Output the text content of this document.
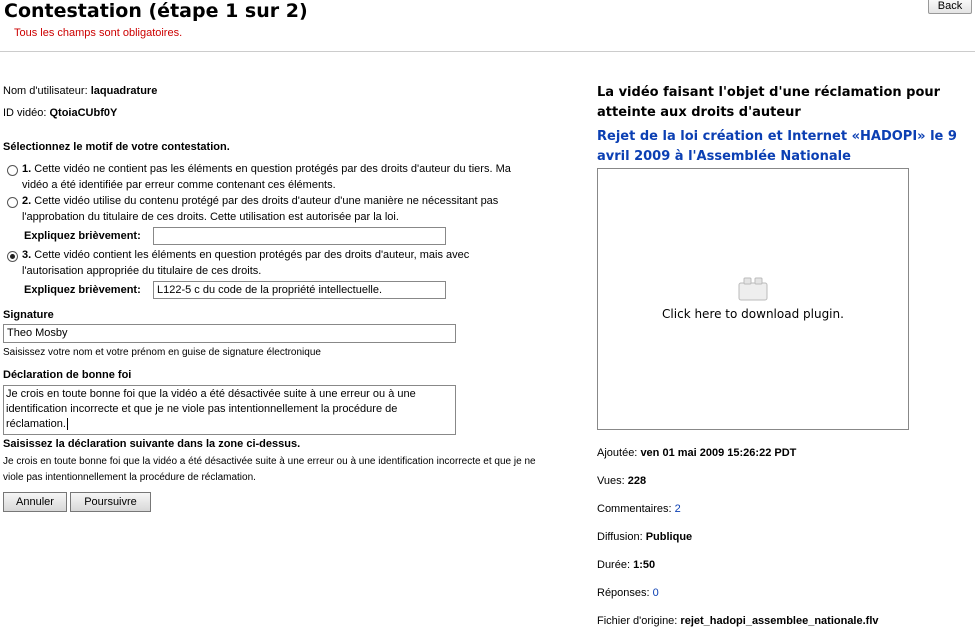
Contestation (étape 1 sur 2)
Tous les champs sont obligatoires.
Back
Nom d'utilisateur: laquadrature
ID vidéo: QtoiaCUbf0Y
Sélectionnez le motif de votre contestation.
1. Cette vidéo ne contient pas les éléments en question protégés par des droits d'auteur du tiers. Ma
vidéo a été identifiée par erreur comme contenant ces éléments.
2. Cette vidéo utilise du contenu protégé par des droits d'auteur d'une manière ne nécessitant pas
l'approbation du titulaire de ces droits. Cette utilisation est autorisée par la loi.
Expliquez brièvement:
3. Cette vidéo contient les éléments en question protégés par des droits d'auteur, mais avec
l'autorisation appropriée du titulaire de ces droits.
Expliquez brièvement:	L122-5 c du code de la propriété intellectuelle.
Signature
Theo Mosby
Saisissez votre nom et votre prénom en guise de signature électronique
Déclaration de bonne foi
Je crois en toute bonne foi que la vidéo a été désactivée suite à une erreur ou à une identification incorrecte et que je ne viole pas intentionnellement la procédure de réclamation.
Saisissez la déclaration suivante dans la zone ci-dessus.
Je crois en toute bonne foi que la vidéo a été désactivée suite à une erreur ou à une identification incorrecte et que je ne
viole pas intentionnellement la procédure de réclamation.
Annuler	Poursuivre
La vidéo faisant l'objet d'une réclamation pour atteinte aux droits d'auteur
Rejet de la loi création et Internet «HADOPI» le 9 avril 2009 à l'Assemblée Nationale
Click here to download plugin.
Ajoutée: ven 01 mai 2009 15:26:22 PDT
Vues: 228
Commentaires: 2
Diffusion: Publique
Durée: 1:50
Réponses: 0
Fichier d'origine: rejet_hadopi_assemblee_nationale.flv
